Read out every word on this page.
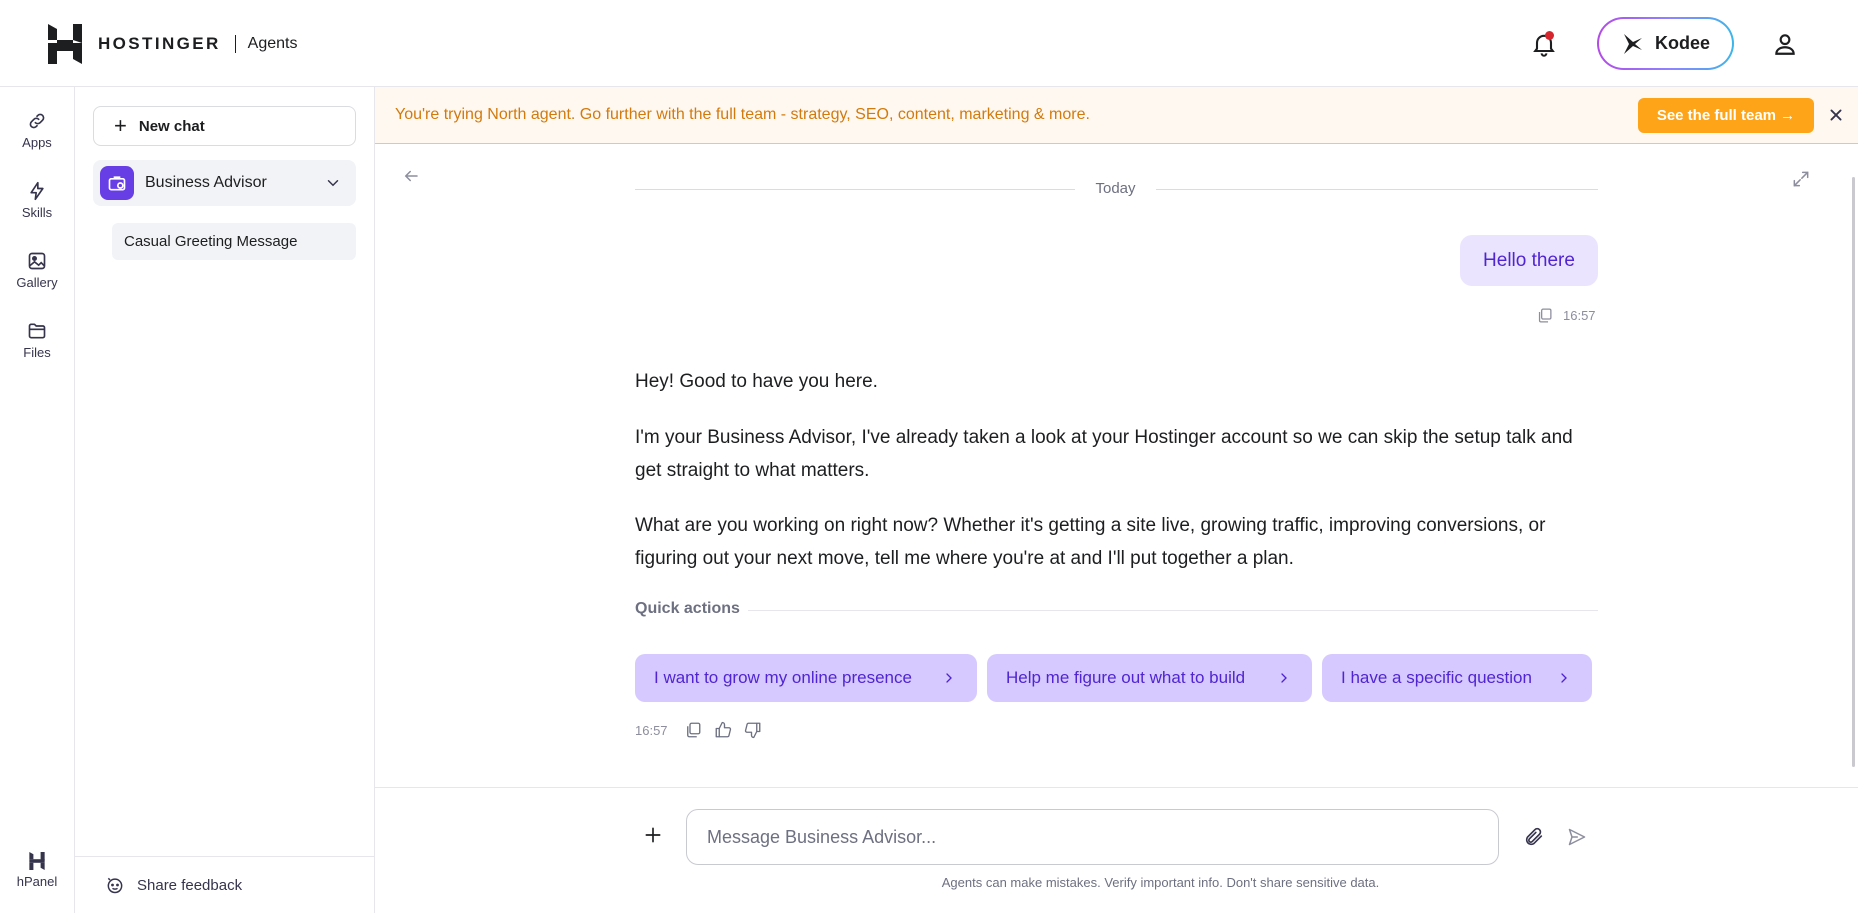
HOSTINGER Agents	Kodee
Apps
Skills
Gallery
Files
hPanel
+ New chat
Business Advisor
Casual Greeting Message
Share feedback
You're trying North agent. Go further with the full team - strategy, SEO, content, marketing & more.	See the full team →
Today
Hello there
16:57

Hey! Good to have you here.

I'm your Business Advisor, I've already taken a look at your Hostinger account so we can skip the setup talk and get straight to what matters.

What are you working on right now? Whether it's getting a site live, growing traffic, improving conversions, or figuring out your next move, tell me where you're at and I'll put together a plan.

Quick actions
I want to grow my online presence	Help me figure out what to build	I have a specific question
16:57
Message Business Advisor...
Agents can make mistakes. Verify important info. Don't share sensitive data.
